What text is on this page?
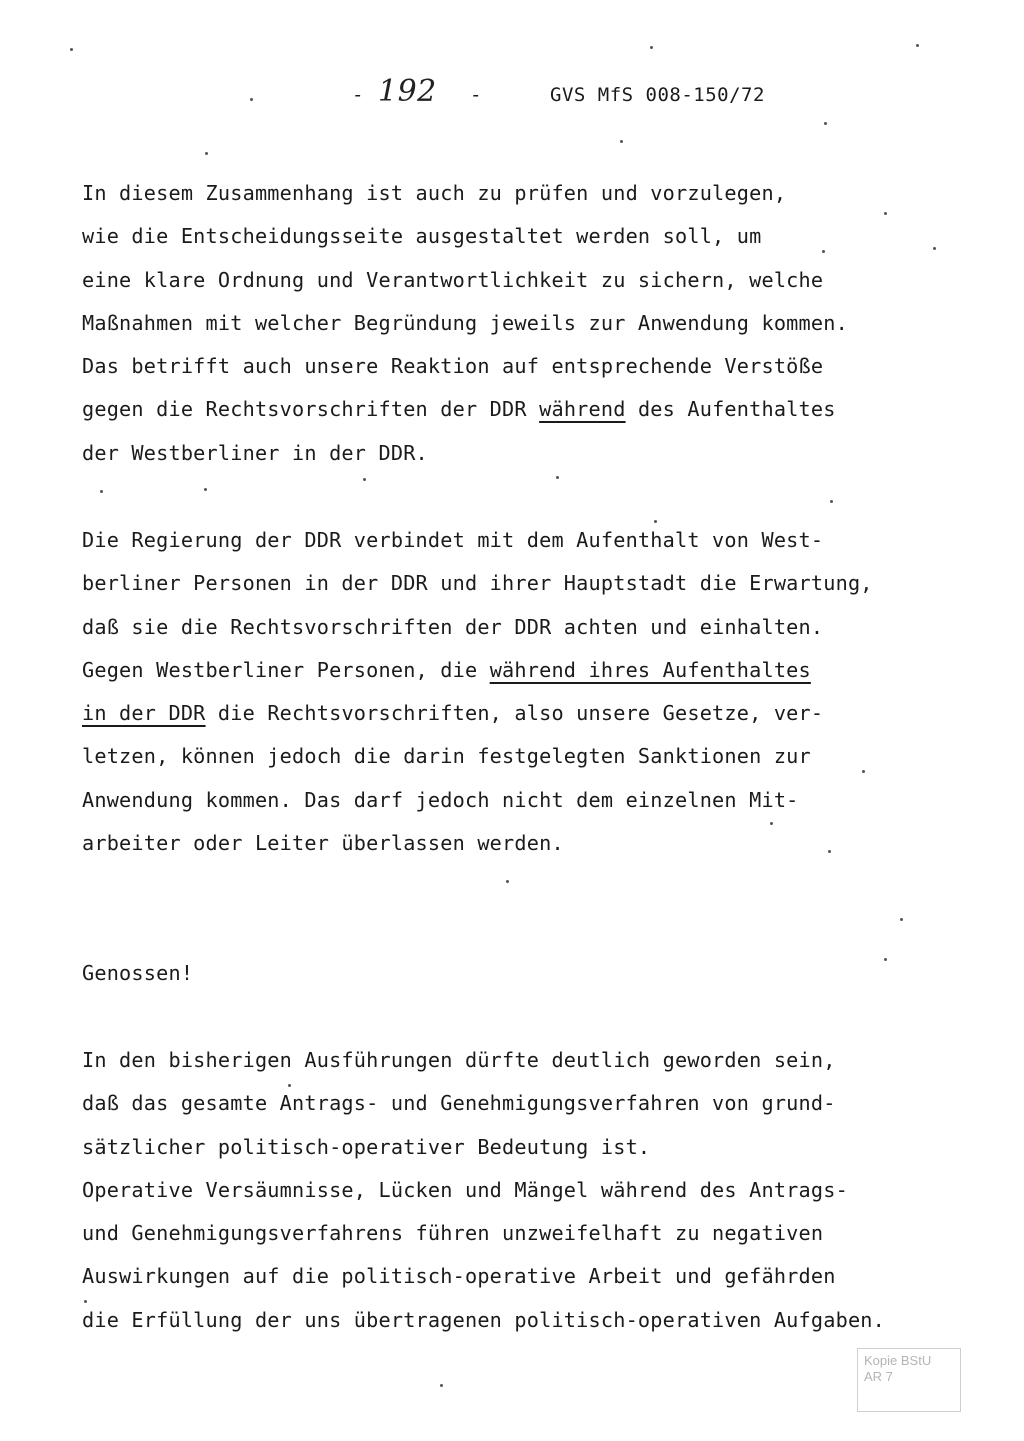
- 192 -	GVS MfS 008-150/72
In diesem Zusammenhang ist auch zu prüfen und vorzulegen,
wie die Entscheidungsseite ausgestaltet werden soll, um
eine klare Ordnung und Verantwortlichkeit zu sichern, welche
Maßnahmen mit welcher Begründung jeweils zur Anwendung kommen.
Das betrifft auch unsere Reaktion auf entsprechende Verstöße
gegen die Rechtsvorschriften der DDR während des Aufenthaltes
der Westberliner in der DDR.
Die Regierung der DDR verbindet mit dem Aufenthalt von West-
berliner Personen in der DDR und ihrer Hauptstadt die Erwartung,
daß sie die Rechtsvorschriften der DDR achten und einhalten.
Gegen Westberliner Personen, die während ihres Aufenthaltes
in der DDR die Rechtsvorschriften, also unsere Gesetze, ver-
letzen, können jedoch die darin festgelegten Sanktionen zur
Anwendung kommen. Das darf jedoch nicht dem einzelnen Mit-
arbeiter oder Leiter überlassen werden.
Genossen!
In den bisherigen Ausführungen dürfte deutlich geworden sein,
daß das gesamte Antrags- und Genehmigungsverfahren von grund-
sätzlicher politisch-operativer Bedeutung ist.
Operative Versäumnisse, Lücken und Mängel während des Antrags-
und Genehmigungsverfahrens führen unzweifelhaft zu negativen
Auswirkungen auf die politisch-operative Arbeit und gefährden
die Erfüllung der uns übertragenen politisch-operativen Aufgaben.
Kopie BStU
AR 7
